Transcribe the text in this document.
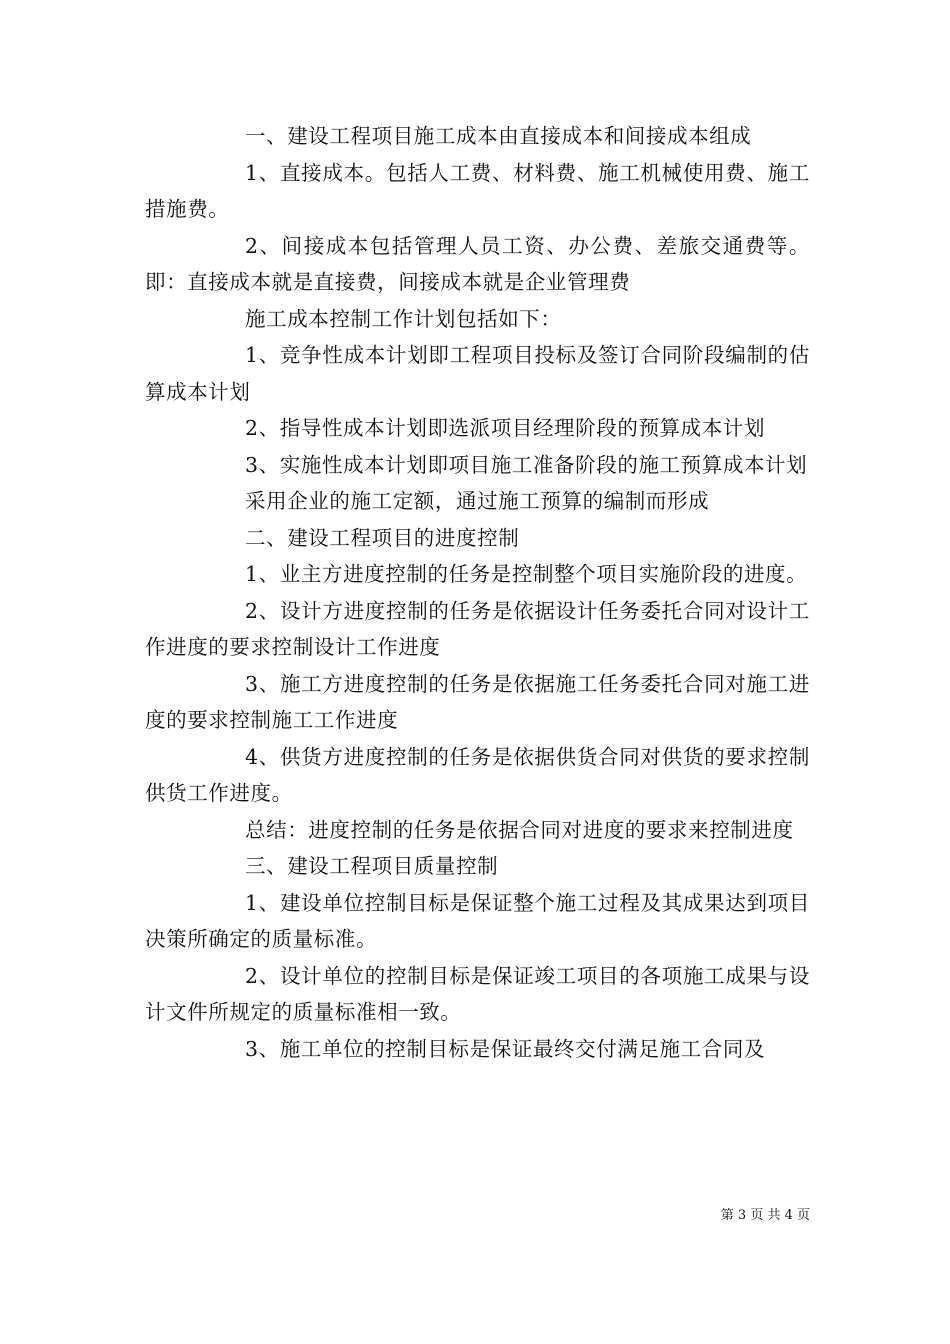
一、建设工程项目施工成本由直接成本和间接成本组成

1、直接成本。包括人工费、材料费、施工机械使用费、施工措施费。

2、间接成本包括管理人员工资、办公费、差旅交通费等。即：直接成本就是直接费，间接成本就是企业管理费

施工成本控制工作计划包括如下：

1、竞争性成本计划即工程项目投标及签订合同阶段编制的估算成本计划

2、指导性成本计划即选派项目经理阶段的预算成本计划

3、实施性成本计划即项目施工准备阶段的施工预算成本计划

采用企业的施工定额，通过施工预算的编制而形成

二、建设工程项目的进度控制

1、业主方进度控制的任务是控制整个项目实施阶段的进度。

2、设计方进度控制的任务是依据设计任务委托合同对设计工作进度的要求控制设计工作进度

3、施工方进度控制的任务是依据施工任务委托合同对施工进度的要求控制施工工作进度

4、供货方进度控制的任务是依据供货合同对供货的要求控制供货工作进度。

总结：进度控制的任务是依据合同对进度的要求来控制进度

三、建设工程项目质量控制

1、建设单位控制目标是保证整个施工过程及其成果达到项目决策所确定的质量标准。

2、设计单位的控制目标是保证竣工项目的各项施工成果与设计文件所规定的质量标准相一致。

3、施工单位的控制目标是保证最终交付满足施工合同及

第 3 页 共 4 页
